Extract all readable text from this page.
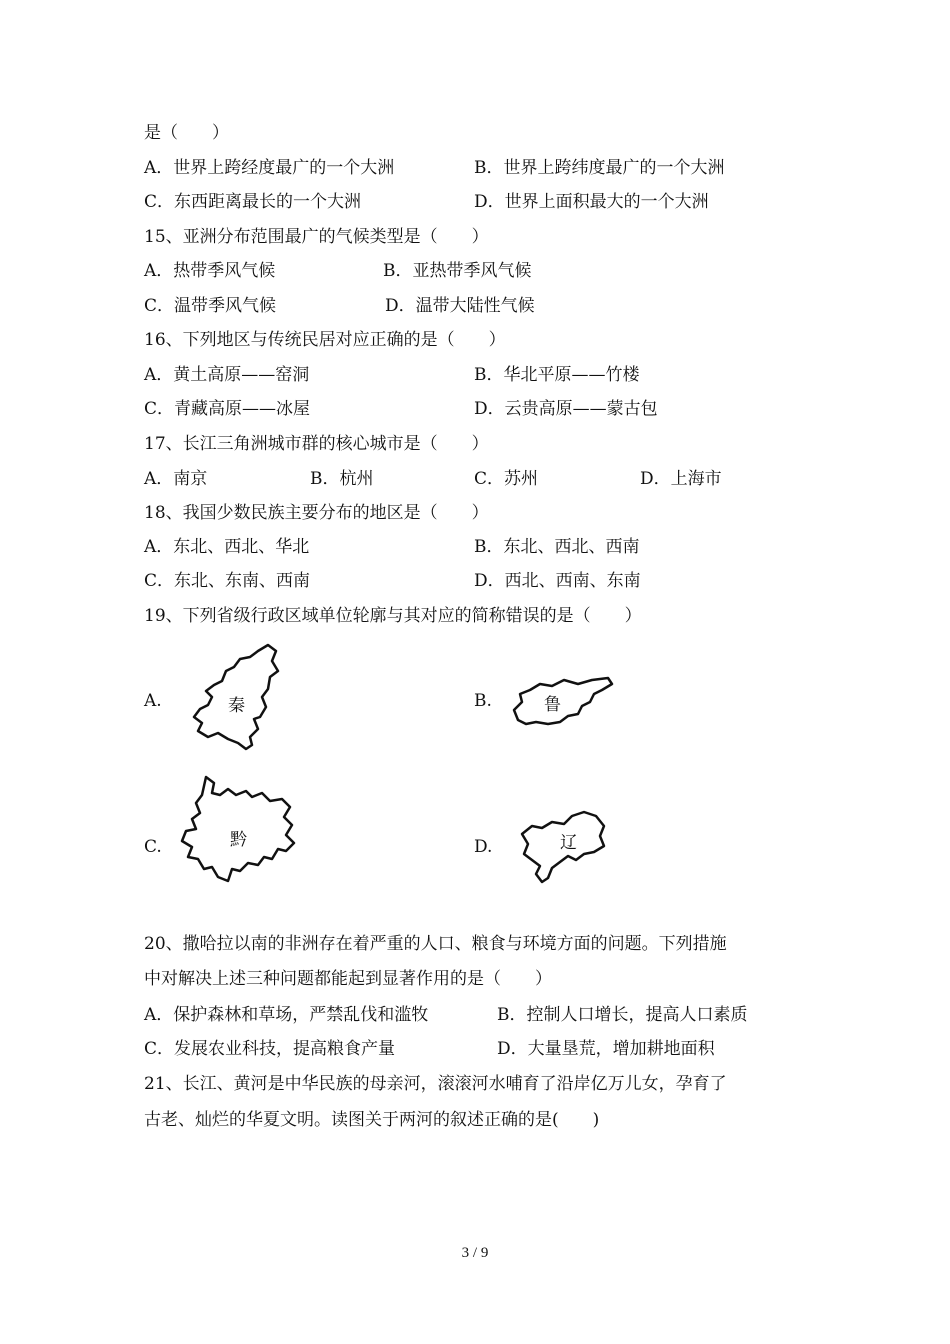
是（　　）
A．世界上跨经度最广的一个大洲	B．世界上跨纬度最广的一个大洲
C．东西距离最长的一个大洲	D．世界上面积最大的一个大洲
15、亚洲分布范围最广的气候类型是（　　）
A．热带季风气候	B．亚热带季风气候
C．温带季风气候	D．温带大陆性气候
16、下列地区与传统民居对应正确的是（　　）
A．黄土高原——窑洞	B．华北平原——竹楼
C．青藏高原——冰屋	D．云贵高原——蒙古包
17、长江三角洲城市群的核心城市是（　　）
A．南京	B．杭州	C．苏州	D．上海市
18、我国少数民族主要分布的地区是（　　）
A．东北、西北、华北	B．东北、西北、西南
C．东北、东南、西南	D．西北、西南、东南
19、下列省级行政区域单位轮廓与其对应的简称错误的是（　　）
A.	秦	B.	鲁
C.	黔	D.	辽
20、撒哈拉以南的非洲存在着严重的人口、粮食与环境方面的问题。下列措施
中对解决上述三种问题都能起到显著作用的是（　　）
A．保护森林和草场，严禁乱伐和滥牧	B．控制人口增长，提高人口素质
C．发展农业科技，提高粮食产量	D．大量垦荒，增加耕地面积
21、长江、黄河是中华民族的母亲河，滚滚河水哺育了沿岸亿万儿女，孕育了
古老、灿烂的华夏文明。读图关于两河的叙述正确的是(　　)
3 / 9
